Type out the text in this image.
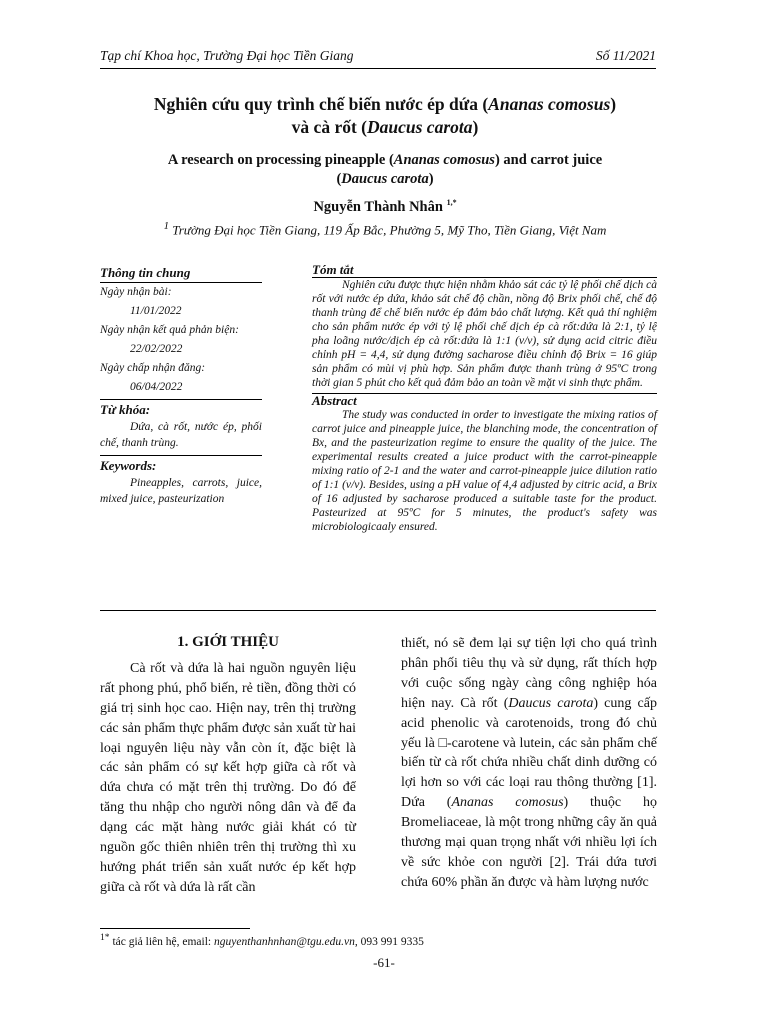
Tạp chí Khoa học, Trường Đại học Tiền Giang	Số 11/2021
Nghiên cứu quy trình chế biến nước ép dứa (Ananas comosus)
và cà rốt (Daucus carota)
A research on processing pineapple (Ananas comosus) and carrot juice
(Daucus carota)
Nguyễn Thành Nhân $^{1,*}$
$^1$ Trường Đại học Tiền Giang, 119 Ấp Bắc, Phường 5, Mỹ Tho, Tiền Giang, Việt Nam
Thông tin chung
Ngày nhận bài:
11/01/2022
Ngày nhận kết quả phản biện:
22/02/2022
Ngày chấp nhận đăng:
06/04/2022
Từ khóa:
Dứa, cà rốt, nước ép, phối chế, thanh trùng.
Keywords:
Pineapples, carrots, juice, mixed juice, pasteurization
Tóm tắt
Nghiên cứu được thực hiện nhằm khảo sát các tỷ lệ phối chế dịch cà rốt với nước ép dứa, khảo sát chế độ chần, nồng độ Brix phối chế, chế độ thanh trùng để chế biến nước ép đảm bảo chất lượng. Kết quả thí nghiệm cho sản phẩm nước ép với tỷ lệ phối chế dịch ép cà rốt:dứa là 2:1, tỷ lệ pha loãng nước/dịch ép cà rốt:dứa là 1:1 (v/v), sử dụng acid citric điều chỉnh pH = 4,4, sử dụng đường sacharose điều chỉnh độ Brix = 16 giúp sản phẩm có mùi vị phù hợp. Sản phẩm được thanh trùng ở 95ºC trong thời gian 5 phút cho kết quả đảm bảo an toàn về mặt vi sinh thực phẩm.
Abstract
The study was conducted in order to investigate the mixing ratios of carrot juice and pineapple juice, the blanching mode, the concentration of Bx, and the pasteurization regime to ensure the quality of the juice. The experimental results created a juice product with the carrot-pineapple mixing ratio of 2-1 and the water and carrot-pineapple juice dilution ratio of 1:1 (v/v). Besides, using a pH value of 4,4 adjusted by citric acid, a Brix of 16 adjusted by sacharose produced a suitable taste for the product. Pasteurized at 95ºC for 5 minutes, the product's safety was microbiologicaaly ensured.
1. GIỚI THIỆU
Cà rốt và dứa là hai nguồn nguyên liệu rất phong phú, phổ biến, rẻ tiền, đồng thời có giá trị sinh học cao. Hiện nay, trên thị trường các sản phẩm thực phẩm được sản xuất từ hai loại nguyên liệu này vẫn còn ít, đặc biệt là các sản phẩm có sự kết hợp giữa cà rốt và dứa chưa có mặt trên thị trường. Do đó để tăng thu nhập cho người nông dân và để đa dạng các mặt hàng nước giải khát có từ nguồn gốc thiên nhiên trên thị trường thì xu hướng phát triển sản xuất nước ép kết hợp giữa cà rốt và dứa là rất cần
thiết, nó sẽ đem lại sự tiện lợi cho quá trình phân phối tiêu thụ và sử dụng, rất thích hợp với cuộc sống ngày càng công nghiệp hóa hiện nay. Cà rốt (Daucus carota) cung cấp acid phenolic và carotenoids, trong đó chủ yếu là □-carotene và lutein, các sản phẩm chế biến từ cà rốt chứa nhiều chất dinh dưỡng có lợi hơn so với các loại rau thông thường [1]. Dứa (Ananas comosus) thuộc họ Bromeliaceae, là một trong những cây ăn quả thương mại quan trọng nhất với nhiều lợi ích về sức khỏe con người [2]. Trái dứa tươi chứa 60% phần ăn được và hàm lượng nước
$^{1*}$ tác giả liên hệ, email: nguyenthanhnhan@tgu.edu.vn, 093 991 9335
-61-
